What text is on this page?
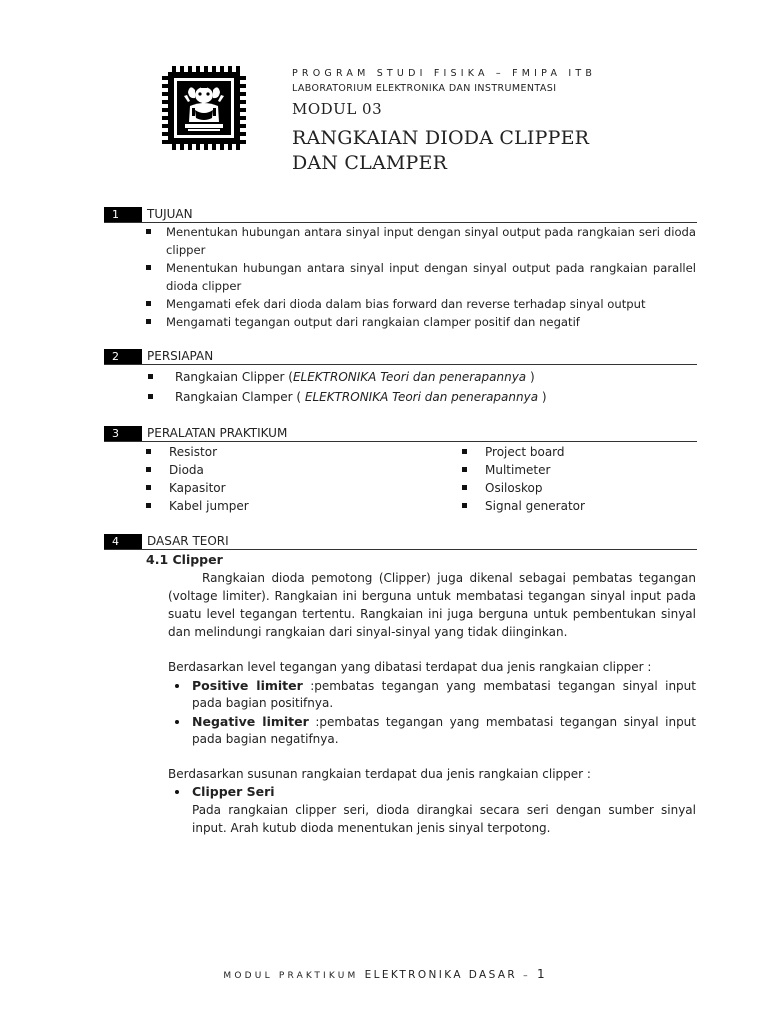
PROGRAM STUDI FISIKA – FMIPA ITB
LABORATORIUM ELEKTRONIKA DAN INSTRUMENTASI
MODUL 03
RANGKAIAN DIODA CLIPPER
DAN CLAMPER
1	TUJUAN
Menentukan hubungan antara sinyal input dengan sinyal output pada rangkaian seri dioda clipper
Menentukan hubungan antara sinyal input dengan sinyal output pada rangkaian parallel dioda clipper
Mengamati efek dari dioda dalam bias forward dan reverse terhadap sinyal output
Mengamati tegangan output dari rangkaian clamper positif dan negatif
2	PERSIAPAN
Rangkaian Clipper (ELEKTRONIKA Teori dan penerapannya )
Rangkaian Clamper ( ELEKTRONIKA Teori dan penerapannya )
3	PERALATAN PRAKTIKUM
Resistor
Dioda
Kapasitor
Kabel jumper
Project board
Multimeter
Osiloskop
Signal generator
4	DASAR TEORI
4.1 Clipper

Rangkaian dioda pemotong (Clipper) juga dikenal sebagai pembatas tegangan (voltage limiter). Rangkaian ini berguna untuk membatasi tegangan sinyal input pada suatu level tegangan tertentu. Rangkaian ini juga berguna untuk pembentukan sinyal dan melindungi rangkaian dari sinyal-sinyal yang tidak diinginkan.

Berdasarkan level tegangan yang dibatasi terdapat dua jenis rangkaian clipper :

Positive limiter :pembatas tegangan yang membatasi tegangan sinyal input pada bagian positifnya.
Negative limiter :pembatas tegangan yang membatasi tegangan sinyal input pada bagian negatifnya.

Berdasarkan susunan rangkaian terdapat dua jenis rangkaian clipper :

Clipper Seri

Pada rangkaian clipper seri, dioda dirangkai secara seri dengan sumber sinyal input. Arah kutub dioda menentukan jenis sinyal terpotong.
MODUL PRAKTIKUM ELEKTRONIKA DASAR – 1
